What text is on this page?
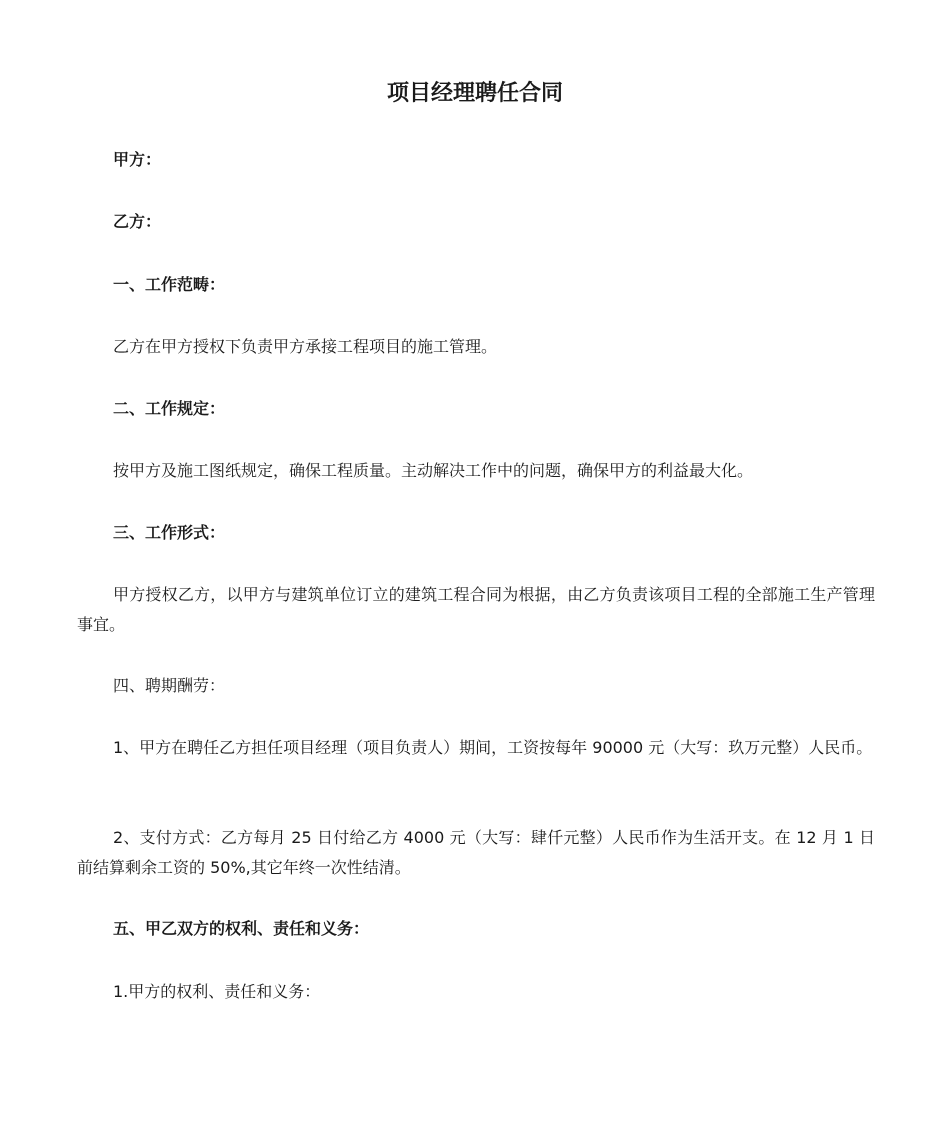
项目经理聘任合同

甲方：

乙方：

一、工作范畴：

乙方在甲方授权下负责甲方承接工程项目的施工管理。

二、工作规定：

按甲方及施工图纸规定，确保工程质量。主动解决工作中的问题，确保甲方的利益最大化。

三、工作形式：

甲方授权乙方，以甲方与建筑单位订立的建筑工程合同为根据，由乙方负责该项目工程的全部施工生产管理事宜。

四、聘期酬劳：

1、甲方在聘任乙方担任项目经理（项目负责人）期间，工资按每年 90000 元（大写：玖万元整）人民币。

2、支付方式：乙方每月 25 日付给乙方 4000 元（大写：肆仟元整）人民币作为生活开支。在 12 月 1 日前结算剩余工资的 50%,其它年终一次性结清。

五、甲乙双方的权利、责任和义务：

1.甲方的权利、责任和义务：
